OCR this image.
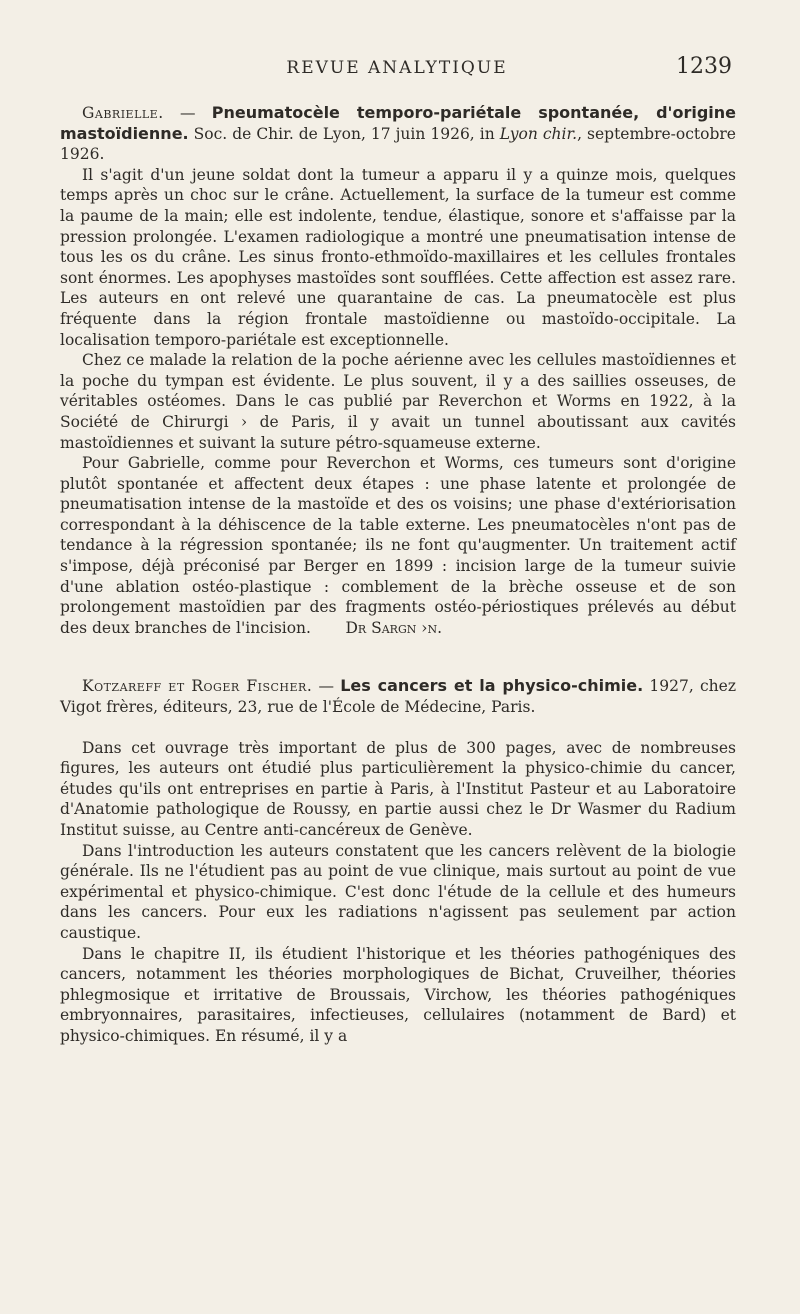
REVUE ANALYTIQUE	1239

Gabrielle. — Pneumatocèle temporo-pariétale spontanée, d'origine mastoïdienne. Soc. de Chir. de Lyon, 17 juin 1926, in Lyon chir., septembre-octobre 1926.

Il s'agit d'un jeune soldat dont la tumeur a apparu il y a quinze mois, quelques temps après un choc sur le crâne. Actuellement, la surface de la tumeur est comme la paume de la main; elle est indolente, tendue, élastique, sonore et s'affaisse par la pression prolongée. L'examen radiologique a montré une pneumatisation intense de tous les os du crâne. Les sinus fronto-ethmoïdo-maxillaires et les cellules frontales sont énormes. Les apophyses mastoïdes sont soufflées. Cette affection est assez rare. Les auteurs en ont relevé une quarantaine de cas. La pneumatocèle est plus fréquente dans la région frontale mastoïdienne ou mastoïdo-occipitale. La localisation temporo-pariétale est exceptionnelle.

Chez ce malade la relation de la poche aérienne avec les cellules mastoïdiennes et la poche du tympan est évidente. Le plus souvent, il y a des saillies osseuses, de véritables ostéomes. Dans le cas publié par Reverchon et Worms en 1922, à la Société de Chirurgi › de Paris, il y avait un tunnel aboutissant aux cavités mastoïdiennes et suivant la suture pétro-squameuse externe.

Pour Gabrielle, comme pour Reverchon et Worms, ces tumeurs sont d'origine plutôt spontanée et affectent deux étapes : une phase latente et prolongée de pneumatisation intense de la mastoïde et des os voisins; une phase d'extériorisation correspondant à la déhiscence de la table externe. Les pneumatocèles n'ont pas de tendance à la régression spontanée; ils ne font qu'augmenter. Un traitement actif s'impose, déjà préconisé par Berger en 1899 : incision large de la tumeur suivie d'une ablation ostéo-plastique : comblement de la brèche osseuse et de son prolongement mastoïdien par des fragments ostéo-périostiques prélevés au début des deux branches de l'incision. Dr Sargn ›n.

Kotzareff et Roger Fischer. — Les cancers et la physico-chimie. 1927, chez Vigot frères, éditeurs, 23, rue de l'École de Médecine, Paris.

Dans cet ouvrage très important de plus de 300 pages, avec de nombreuses figures, les auteurs ont étudié plus particulièrement la physico-chimie du cancer, études qu'ils ont entreprises en partie à Paris, à l'Institut Pasteur et au Laboratoire d'Anatomie pathologique de Roussy, en partie aussi chez le Dr Wasmer du Radium Institut suisse, au Centre anti-cancéreux de Genève.

Dans l'introduction les auteurs constatent que les cancers relèvent de la biologie générale. Ils ne l'étudient pas au point de vue clinique, mais surtout au point de vue expérimental et physico-chimique. C'est donc l'étude de la cellule et des humeurs dans les cancers. Pour eux les radiations n'agissent pas seulement par action caustique.

Dans le chapitre II, ils étudient l'historique et les théories pathogéniques des cancers, notamment les théories morphologiques de Bichat, Cruveilher, théories phlegmosique et irritative de Broussais, Virchow, les théories pathogéniques embryonnaires, parasitaires, infectieuses, cellulaires (notamment de Bard) et physico-chimiques. En résumé, il y a
